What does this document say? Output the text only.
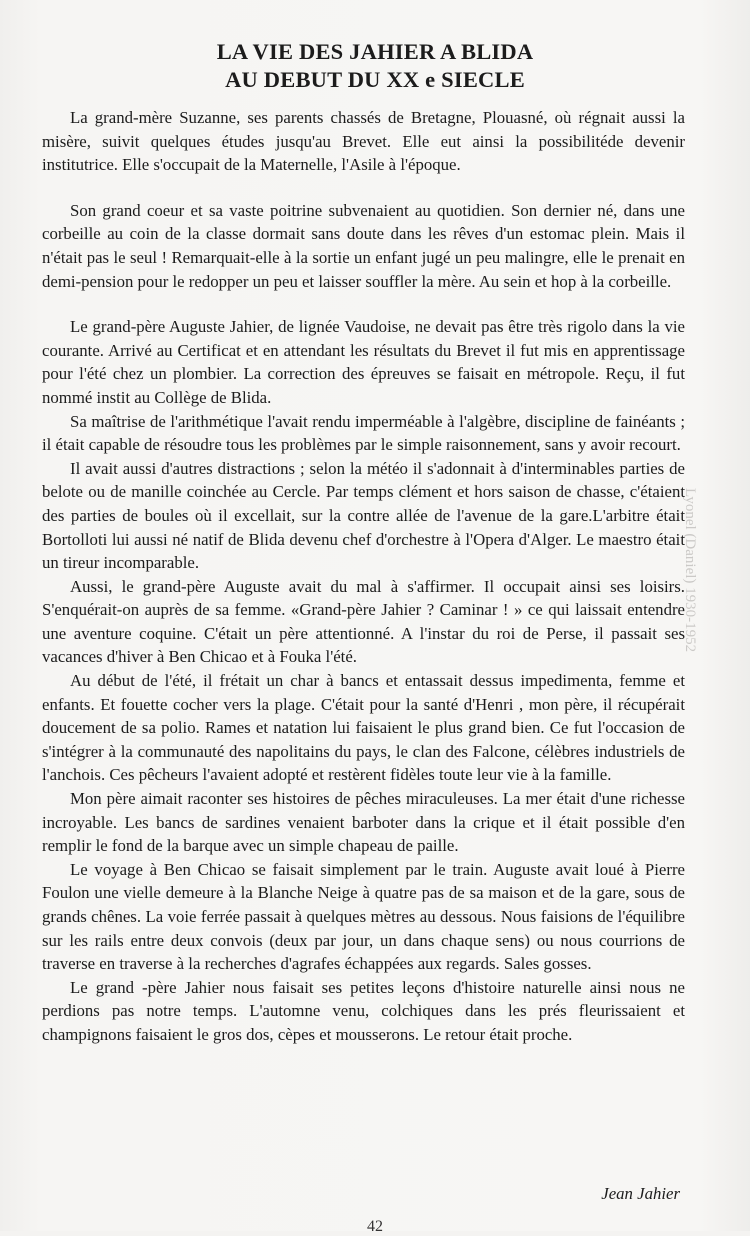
Lyonel (Daniel) 1930-1952
LA VIE DES JAHIER A BLIDA
AU DEBUT DU XX e SIECLE

La grand-mère Suzanne, ses parents chassés de Bretagne, Plouasné, où régnait aussi la misère, suivit quelques études jusqu'au Brevet. Elle eut ainsi la possibilitéde devenir institutrice. Elle s'occupait de la Maternelle, l'Asile à l'époque.

Son grand coeur et sa vaste poitrine subvenaient au quotidien. Son dernier né, dans une corbeille au coin de la classe dormait sans doute dans les rêves d'un estomac plein. Mais il n'était pas le seul ! Remarquait-elle à la sortie un enfant jugé un peu malingre, elle le prenait en demi-pension pour le redopper un peu et laisser souffler la mère. Au sein et hop à la corbeille.

Le grand-père Auguste Jahier, de lignée Vaudoise, ne devait pas être très rigolo dans la vie courante. Arrivé au Certificat et en attendant les résultats du Brevet il fut mis en apprentissage pour l'été chez un plombier. La correction des épreuves se faisait en métropole. Reçu, il fut nommé instit au Collège de Blida.

Sa maîtrise de l'arithmétique l'avait rendu imperméable à l'algèbre, discipline de fainéants ; il était capable de résoudre tous les problèmes par le simple raisonnement, sans y avoir recourt.

Il avait aussi d'autres distractions ; selon la météo il s'adonnait à d'interminables parties de belote ou de manille coinchée au Cercle. Par temps clément et hors saison de chasse, c'étaient des parties de boules où il excellait, sur la contre allée de l'avenue de la gare.L'arbitre était Bortolloti lui aussi né natif de Blida devenu chef d'orchestre à l'Opera d'Alger. Le maestro était un tireur incomparable.

Aussi, le grand-père Auguste avait du mal à s'affirmer. Il occupait ainsi ses loisirs. S'enquérait-on auprès de sa femme. «Grand-père Jahier ? Caminar ! » ce qui laissait entendre une aventure coquine. C'était un père attentionné. A l'instar du roi de Perse, il passait ses vacances d'hiver à Ben Chicao et à Fouka l'été.

Au début de l'été, il frétait un char à bancs et entassait dessus impedimenta, femme et enfants. Et fouette cocher vers la plage. C'était pour la santé d'Henri , mon père, il récupérait doucement de sa polio. Rames et natation lui faisaient le plus grand bien. Ce fut l'occasion de s'intégrer à la communauté des napolitains du pays, le clan des Falcone, célèbres industriels de l'anchois. Ces pêcheurs l'avaient adopté et restèrent fidèles toute leur vie à la famille.

Mon père aimait raconter ses histoires de pêches miraculeuses. La mer était d'une richesse incroyable. Les bancs de sardines venaient barboter dans la crique et il était possible d'en remplir le fond de la barque avec un simple chapeau de paille.

Le voyage à Ben Chicao se faisait simplement par le train. Auguste avait loué à Pierre Foulon une vielle demeure à la Blanche Neige à quatre pas de sa maison et de la gare, sous de grands chênes. La voie ferrée passait à quelques mètres au dessous. Nous faisions de l'équilibre sur les rails entre deux convois (deux par jour, un dans chaque sens) ou nous courrions de traverse en traverse à la recherches d'agrafes échappées aux regards. Sales gosses.

Le grand -père Jahier nous faisait ses petites leçons d'histoire naturelle ainsi nous ne perdions pas notre temps. L'automne venu, colchiques dans les prés fleurissaient et champignons faisaient le gros dos, cèpes et mousserons. Le retour était proche.

Jean Jahier
42
